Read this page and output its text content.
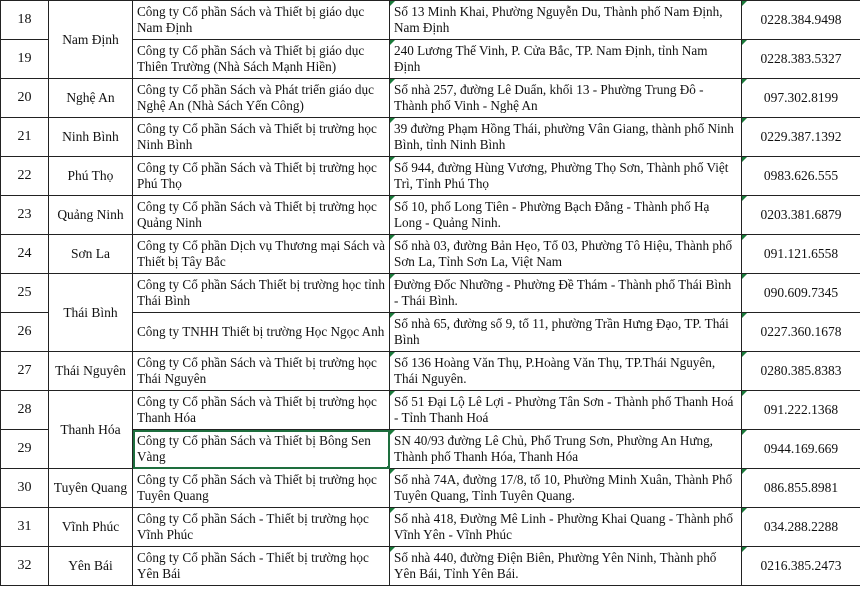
18	Nam Định	Công ty Cổ phần Sách và Thiết bị giáo dục Nam Định	Số 13 Minh Khai, Phường Nguyễn Du, Thành phố Nam Định, Nam Định	0228.384.9498
19		Công ty Cổ phần Sách và Thiết bị giáo dục Thiên Trường (Nhà Sách Mạnh Hiền)	240 Lương Thế Vinh, P. Cửa Bắc, TP. Nam Định, tỉnh Nam Định	0228.383.5327
20	Nghệ An	Công ty Cổ phần Sách và Phát triển giáo dục Nghệ An (Nhà Sách Yến Công)	Số nhà 257, đường Lê Duẩn, khối 13 - Phường Trung Đô - Thành phố Vinh - Nghệ An	097.302.8199
21	Ninh Bình	Công ty Cổ phần Sách và Thiết bị trường học Ninh Bình	39 đường Phạm Hồng Thái, phường Vân Giang, thành phố Ninh Bình, tỉnh Ninh Bình	0229.387.1392
22	Phú Thọ	Công ty Cổ phần Sách và Thiết bị trường học Phú Thọ	Số 944, đường Hùng Vương, Phường Thọ Sơn, Thành phố Việt Trì, Tỉnh Phú Thọ	0983.626.555
23	Quảng Ninh	Công ty Cổ phần Sách và Thiết bị trường học Quảng Ninh	Số 10, phố Long Tiên - Phường Bạch Đằng - Thành phố Hạ Long - Quảng Ninh.	0203.381.6879
24	Sơn La	Công ty Cổ phần Dịch vụ Thương mại Sách và Thiết bị Tây Bắc	Số nhà 03, đường Bản Hẹo, Tổ 03, Phường Tô Hiệu, Thành phố Sơn La, Tỉnh Sơn La, Việt Nam	091.121.6558
25	Thái Bình	Công ty Cổ phần Sách Thiết bị trường học tỉnh Thái Bình	Đường Đốc Nhưỡng - Phường Đề Thám - Thành phố Thái Bình - Thái Bình.	090.609.7345
26		Công ty TNHH Thiết bị trường Học Ngọc Anh	Số nhà 65, đường số 9, tổ 11, phường Trần Hưng Đạo, TP. Thái Bình	0227.360.1678
27	Thái Nguyên	Công ty Cổ phần Sách và Thiết bị trường học Thái Nguyên	Số 136 Hoàng Văn Thụ, P.Hoàng Văn Thụ, TP.Thái Nguyên, Thái Nguyên.	0280.385.8383
28	Thanh Hóa	Công ty Cổ phần Sách và Thiết bị trường học Thanh Hóa	Số 51 Đại Lộ Lê Lợi - Phường Tân Sơn - Thành phố Thanh Hoá - Tỉnh Thanh Hoá	091.222.1368
29		Công ty Cổ phần Sách và Thiết bị Bông Sen Vàng	SN 40/93 đường Lê Chủ, Phố Trung Sơn, Phường An Hưng, Thành phố Thanh Hóa, Thanh Hóa	0944.169.669
30	Tuyên Quang	Công ty Cổ phần Sách và Thiết bị trường học Tuyên Quang	Số nhà 74A, đường 17/8, tổ 10, Phường Minh Xuân, Thành Phố Tuyên Quang, Tỉnh Tuyên Quang.	086.855.8981
31	Vĩnh Phúc	Công ty Cổ phần Sách - Thiết bị trường học Vĩnh Phúc	Số nhà 418, Đường Mê Linh - Phường Khai Quang - Thành phố Vĩnh Yên - Vĩnh Phúc	034.288.2288
32	Yên Bái	Công ty Cổ phần Sách - Thiết bị trường học Yên Bái	Số nhà 440, đường Điện Biên, Phường Yên Ninh, Thành phố Yên Bái, Tỉnh Yên Bái.	0216.385.2473
